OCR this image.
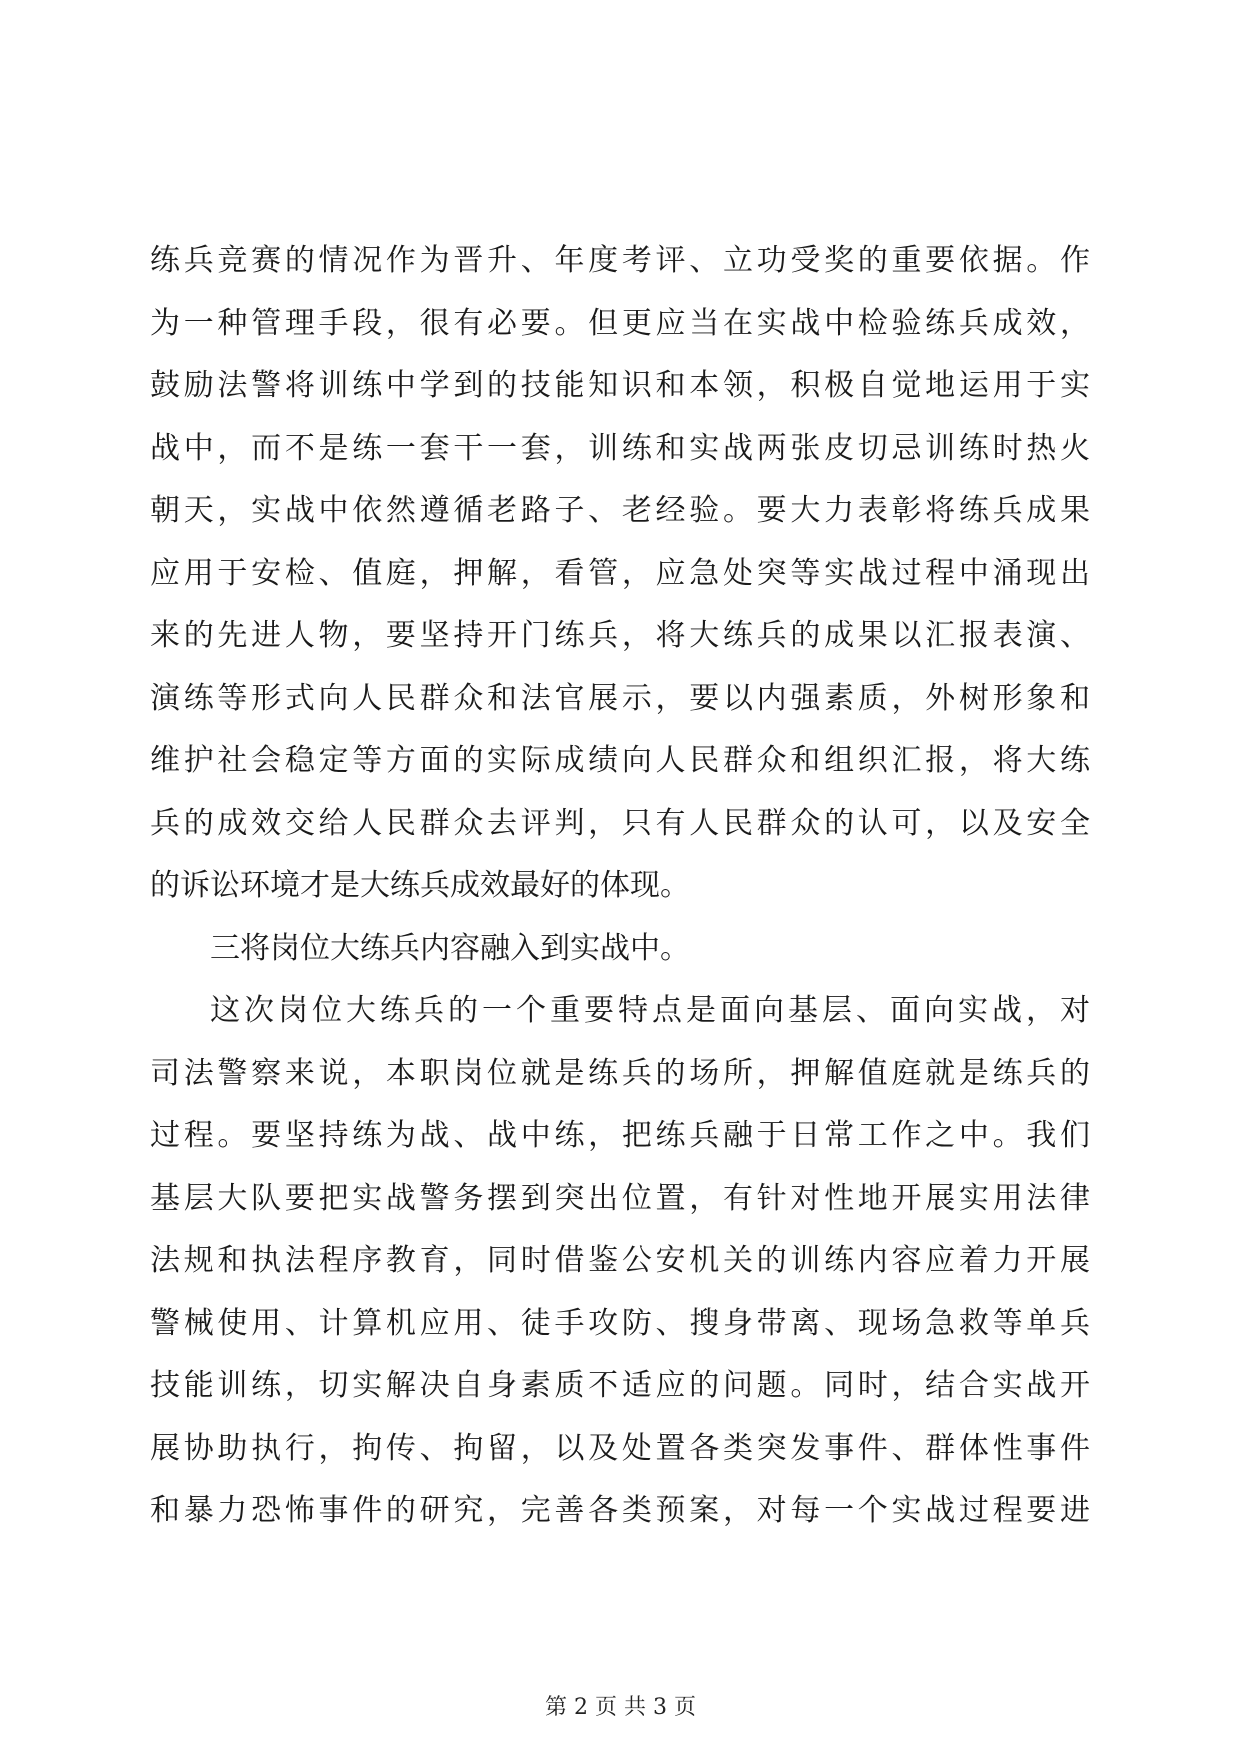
练兵竞赛的情况作为晋升、年度考评、立功受奖的重要依据。作
为一种管理手段，很有必要。但更应当在实战中检验练兵成效，
鼓励法警将训练中学到的技能知识和本领，积极自觉地运用于实
战中，而不是练一套干一套，训练和实战两张皮切忌训练时热火
朝天，实战中依然遵循老路子、老经验。要大力表彰将练兵成果
应用于安检、值庭，押解，看管，应急处突等实战过程中涌现出
来的先进人物，要坚持开门练兵，将大练兵的成果以汇报表演、
演练等形式向人民群众和法官展示，要以内强素质，外树形象和
维护社会稳定等方面的实际成绩向人民群众和组织汇报，将大练
兵的成效交给人民群众去评判，只有人民群众的认可，以及安全
的诉讼环境才是大练兵成效最好的体现。
三将岗位大练兵内容融入到实战中。
这次岗位大练兵的一个重要特点是面向基层、面向实战，对
司法警察来说，本职岗位就是练兵的场所，押解值庭就是练兵的
过程。要坚持练为战、战中练，把练兵融于日常工作之中。我们
基层大队要把实战警务摆到突出位置，有针对性地开展实用法律
法规和执法程序教育，同时借鉴公安机关的训练内容应着力开展
警械使用、计算机应用、徒手攻防、搜身带离、现场急救等单兵
技能训练，切实解决自身素质不适应的问题。同时，结合实战开
展协助执行，拘传、拘留，以及处置各类突发事件、群体性事件
和暴力恐怖事件的研究，完善各类预案，对每一个实战过程要进
第 2 页 共 3 页
